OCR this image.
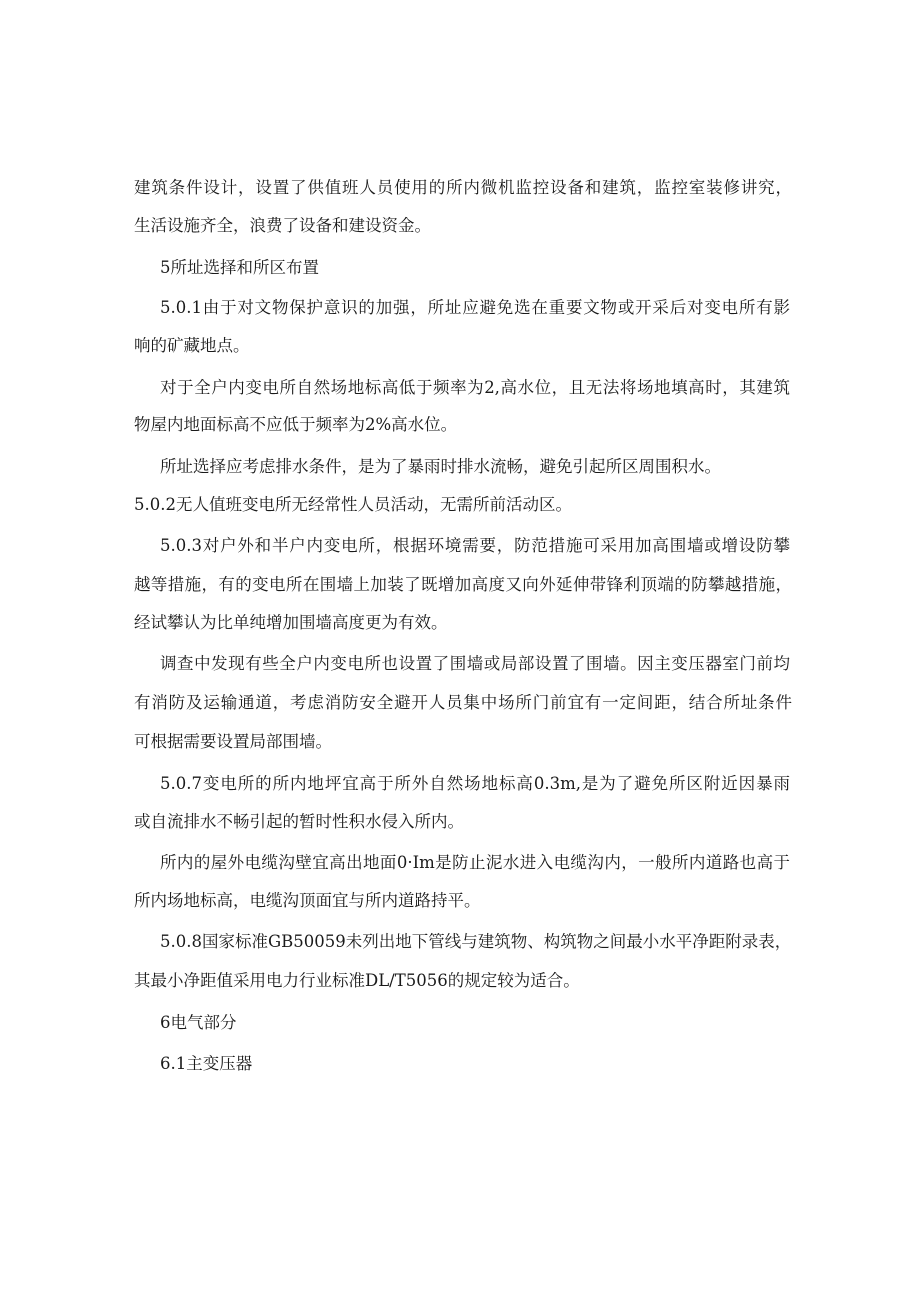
建筑条件设计，设置了供值班人员使用的所内微机监控设备和建筑，监控室装修讲究，
生活设施齐全，浪费了设备和建设资金。
5所址选择和所区布置
5.0.1由于对文物保护意识的加强，所址应避免选在重要文物或开采后对变电所有影
响的矿藏地点。
对于全户内变电所自然场地标高低于频率为2,高水位，且无法将场地填高时，其建筑
物屋内地面标高不应低于频率为2%高水位。
所址选择应考虑排水条件，是为了暴雨时排水流畅，避免引起所区周围积水。
5.0.2无人值班变电所无经常性人员活动，无需所前活动区。
5.0.3对户外和半户内变电所，根据环境需要，防范措施可采用加高围墙或增设防攀
越等措施，有的变电所在围墙上加装了既增加高度又向外延伸带锋利顶端的防攀越措施，
经试攀认为比单纯增加围墙高度更为有效。
调查中发现有些全户内变电所也设置了围墙或局部设置了围墙。因主变压器室门前均
有消防及运输通道，考虑消防安全避开人员集中场所门前宜有一定间距，结合所址条件
可根据需要设置局部围墙。
5.0.7变电所的所内地坪宜高于所外自然场地标高0.3m,是为了避免所区附近因暴雨
或自流排水不畅引起的暂时性积水侵入所内。
所内的屋外电缆沟壁宜高出地面0·Im是防止泥水进入电缆沟内，一般所内道路也高于
所内场地标高，电缆沟顶面宜与所内道路持平。
5.0.8国家标准GB50059未列出地下管线与建筑物、构筑物之间最小水平净距附录表，
其最小净距值采用电力行业标准DL/T5056的规定较为适合。
6电气部分
6.1主变压器
